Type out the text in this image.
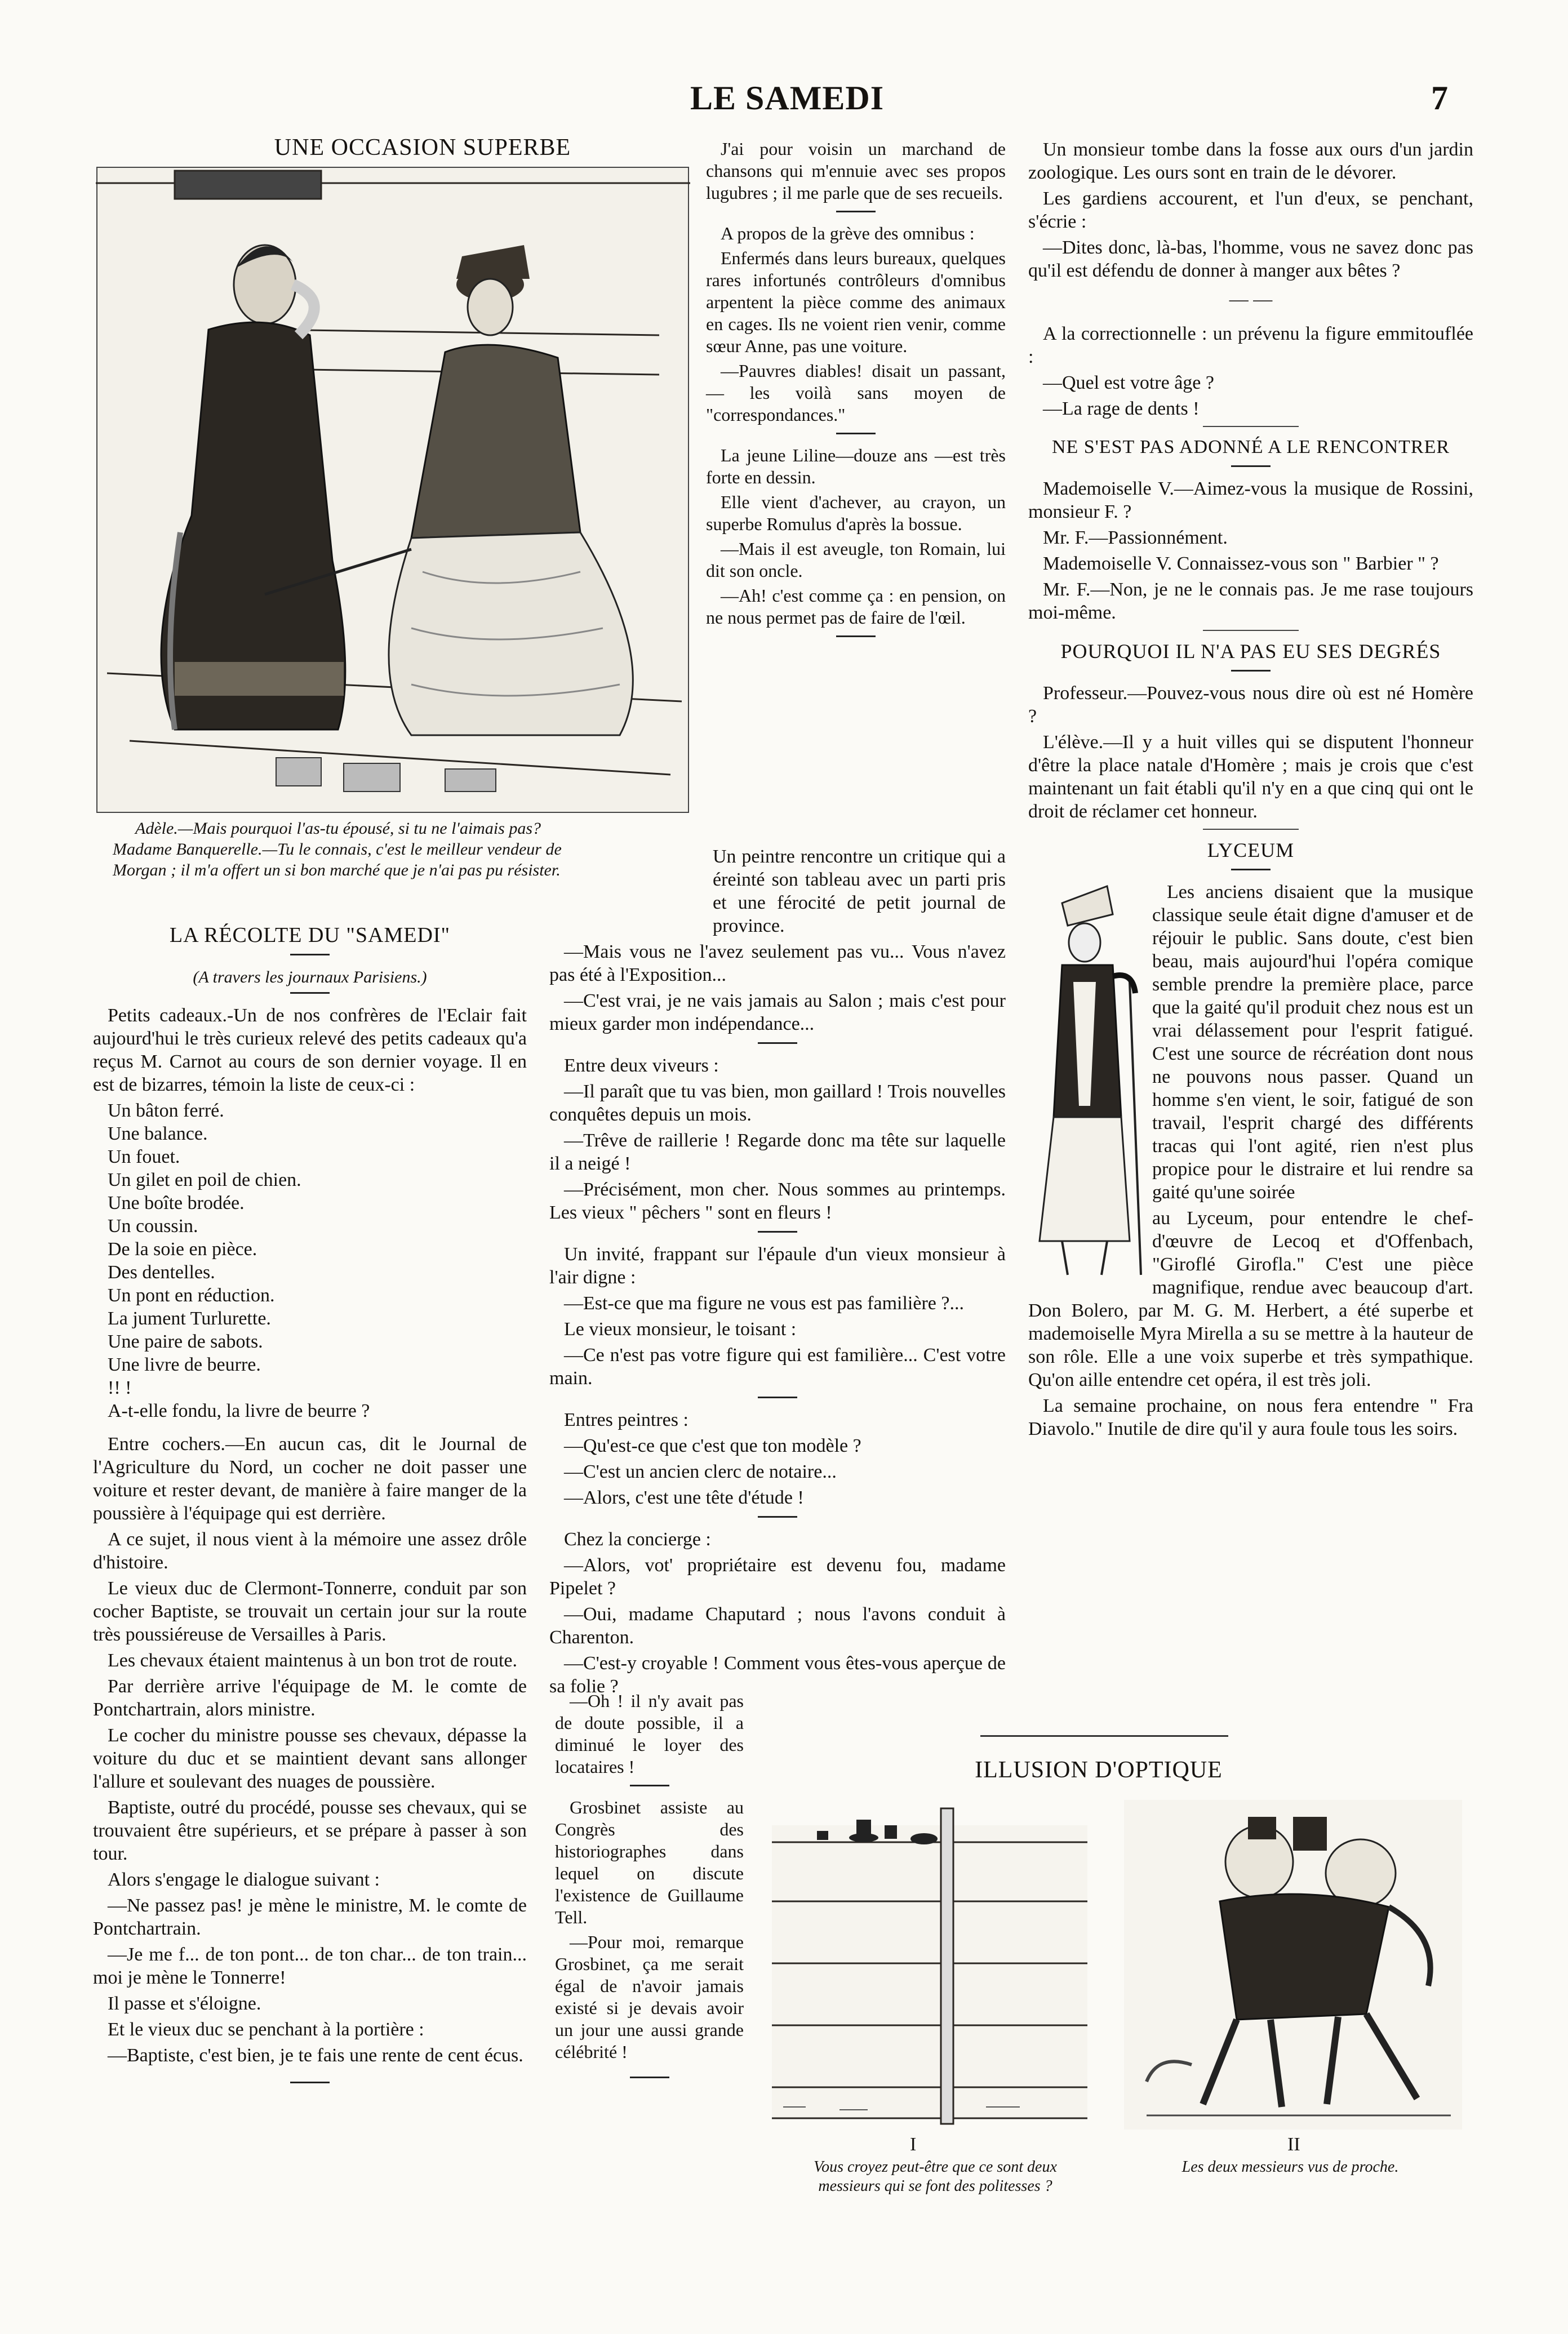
LE SAMEDI	7
UNE OCCASION SUPERBE
Adèle.—Mais pourquoi l'as-tu épousé, si tu ne l'aimais pas?
Madame Banquerelle.—Tu le connais, c'est le meilleur vendeur de
Morgan ; il m'a offert un si bon marché que je n'ai pas pu résister.
LA RÉCOLTE DU "SAMEDI"
(A travers les journaux Parisiens.)

Petits cadeaux.-Un de nos confrères de l'Eclair fait aujourd'hui le très curieux relevé des petits cadeaux qu'a reçus M. Carnot au cours de son dernier voyage. Il en est de bizarres, témoin la liste de ceux-ci :

Un bâton ferré.

Une balance.

Un fouet.

Un gilet en poil de chien.

Une boîte brodée.

Un coussin.

De la soie en pièce.

Des dentelles.

Un pont en réduction.

La jument Turlurette.

Une paire de sabots.

Une livre de beurre.

!! !

A-t-elle fondu, la livre de beurre ?

Entre cochers.—En aucun cas, dit le Journal de l'Agriculture du Nord, un cocher ne doit passer une voiture et rester devant, de manière à faire manger de la poussière à l'équipage qui est derrière.

A ce sujet, il nous vient à la mémoire une assez drôle d'histoire.

Le vieux duc de Clermont-Tonnerre, conduit par son cocher Baptiste, se trouvait un certain jour sur la route très poussiéreuse de Versailles à Paris.

Les chevaux étaient maintenus à un bon trot de route.

Par derrière arrive l'équipage de M. le comte de Pontchartrain, alors ministre.

Le cocher du ministre pousse ses chevaux, dépasse la voiture du duc et se maintient devant sans allonger l'allure et soulevant des nuages de poussière.

Baptiste, outré du procédé, pousse ses chevaux, qui se trouvaient être supérieurs, et se prépare à passer à son tour.

Alors s'engage le dialogue suivant :

—Ne passez pas! je mène le ministre, M. le comte de Pontchartrain.

—Je me f... de ton pont... de ton char... de ton train... moi je mène le Tonnerre!

Il passe et s'éloigne.

Et le vieux duc se penchant à la portière :

—Baptiste, c'est bien, je te fais une rente de cent écus.

J'ai pour voisin un marchand de chansons qui m'ennuie avec ses propos lugubres ; il me parle que de ses recueils.

A propos de la grève des omnibus :

Enfermés dans leurs bureaux, quelques rares infortunés contrôleurs d'omnibus arpentent la pièce comme des animaux en cages. Ils ne voient rien venir, comme sœur Anne, pas une voiture.

—Pauvres diables! disait un passant, — les voilà sans moyen de "correspondances."

La jeune Liline—douze ans —est très forte en dessin.

Elle vient d'achever, au crayon, un superbe Romulus d'après la bossue.

—Mais il est aveugle, ton Romain, lui dit son oncle.

—Ah! c'est comme ça : en pension, on ne nous permet pas de faire de l'œil.

Un peintre rencontre un critique qui a éreinté son tableau avec un parti pris et une férocité de petit journal de province.

—Mais vous ne l'avez seulement pas vu... Vous n'avez pas été à l'Exposition...

—C'est vrai, je ne vais jamais au Salon ; mais c'est pour mieux garder mon indépendance...

Entre deux viveurs :

—Il paraît que tu vas bien, mon gaillard ! Trois nouvelles conquêtes depuis un mois.

—Trêve de raillerie ! Regarde donc ma tête sur laquelle il a neigé !

—Précisément, mon cher. Nous sommes au printemps. Les vieux " pêchers " sont en fleurs !

Un invité, frappant sur l'épaule d'un vieux monsieur à l'air digne :

—Est-ce que ma figure ne vous est pas familière ?...

Le vieux monsieur, le toisant :

—Ce n'est pas votre figure qui est familière... C'est votre main.

Entres peintres :

—Qu'est-ce que c'est que ton modèle ?

—C'est un ancien clerc de notaire...

—Alors, c'est une tête d'étude !

Chez la concierge :

—Alors, vot' propriétaire est devenu fou, madame Pipelet ?

—Oui, madame Chaputard ; nous l'avons conduit à Charenton.

—C'est-y croyable ! Comment vous êtes-vous aperçue de sa folie ?

—Oh ! il n'y avait pas de doute possible, il a diminué le loyer des locataires !

Grosbinet assiste au Congrès des historiographes dans lequel on discute l'existence de Guillaume Tell.

—Pour moi, remarque Grosbinet, ça me serait égal de n'avoir jamais existé si je devais avoir un jour une aussi grande célébrité !

Un monsieur tombe dans la fosse aux ours d'un jardin zoologique. Les ours sont en train de le dévorer.

Les gardiens accourent, et l'un d'eux, se penchant, s'écrie :

—Dites donc, là-bas, l'homme, vous ne savez donc pas qu'il est défendu de donner à manger aux bêtes ?

— —

A la correctionnelle : un prévenu la figure emmitouflée :

—Quel est votre âge ?

—La rage de dents !

NE S'EST PAS ADONNÉ A LE RENCONTRER

Mademoiselle V.—Aimez-vous la musique de Rossini, monsieur F. ?

Mr. F.—Passionnément.

Mademoiselle V. Connaissez-vous son " Barbier " ?

Mr. F.—Non, je ne le connais pas. Je me rase toujours moi-même.

POURQUOI IL N'A PAS EU SES DEGRÉS

Professeur.—Pouvez-vous nous dire où est né Homère ?

L'élève.—Il y a huit villes qui se disputent l'honneur d'être la place natale d'Homère ; mais je crois que c'est maintenant un fait établi qu'il n'y en a que cinq qui ont le droit de réclamer cet honneur.

LYCEUM

Les anciens disaient que la musique classique seule était digne d'amuser et de réjouir le public. Sans doute, c'est bien beau, mais aujourd'hui l'opéra comique semble prendre la première place, parce que la gaité qu'il produit chez nous est un vrai délassement pour l'esprit fatigué. C'est une source de récréation dont nous ne pouvons nous passer. Quand un homme s'en vient, le soir, fatigué de son travail, l'esprit chargé des différents tracas qui l'ont agité, rien n'est plus propice pour le distraire et lui rendre sa gaité qu'une soirée

au Lyceum, pour entendre le chef-d'œuvre de Lecoq et d'Offenbach, "Giroflé Girofla." C'est une pièce magnifique, rendue avec beaucoup d'art. Don Bolero, par M. G. M. Herbert, a été superbe et mademoiselle Myra Mirella a su se mettre à la hauteur de son rôle. Elle a une voix superbe et très sympathique. Qu'on aille entendre cet opéra, il est très joli.

La semaine prochaine, on nous fera entendre " Fra Diavolo." Inutile de dire qu'il y aura foule tous les soirs.

ILLUSION D'OPTIQUE
I	II
Vous croyez peut-être que ce sont deux
messieurs qui se font des politesses ?
Les deux messieurs vus de proche.
